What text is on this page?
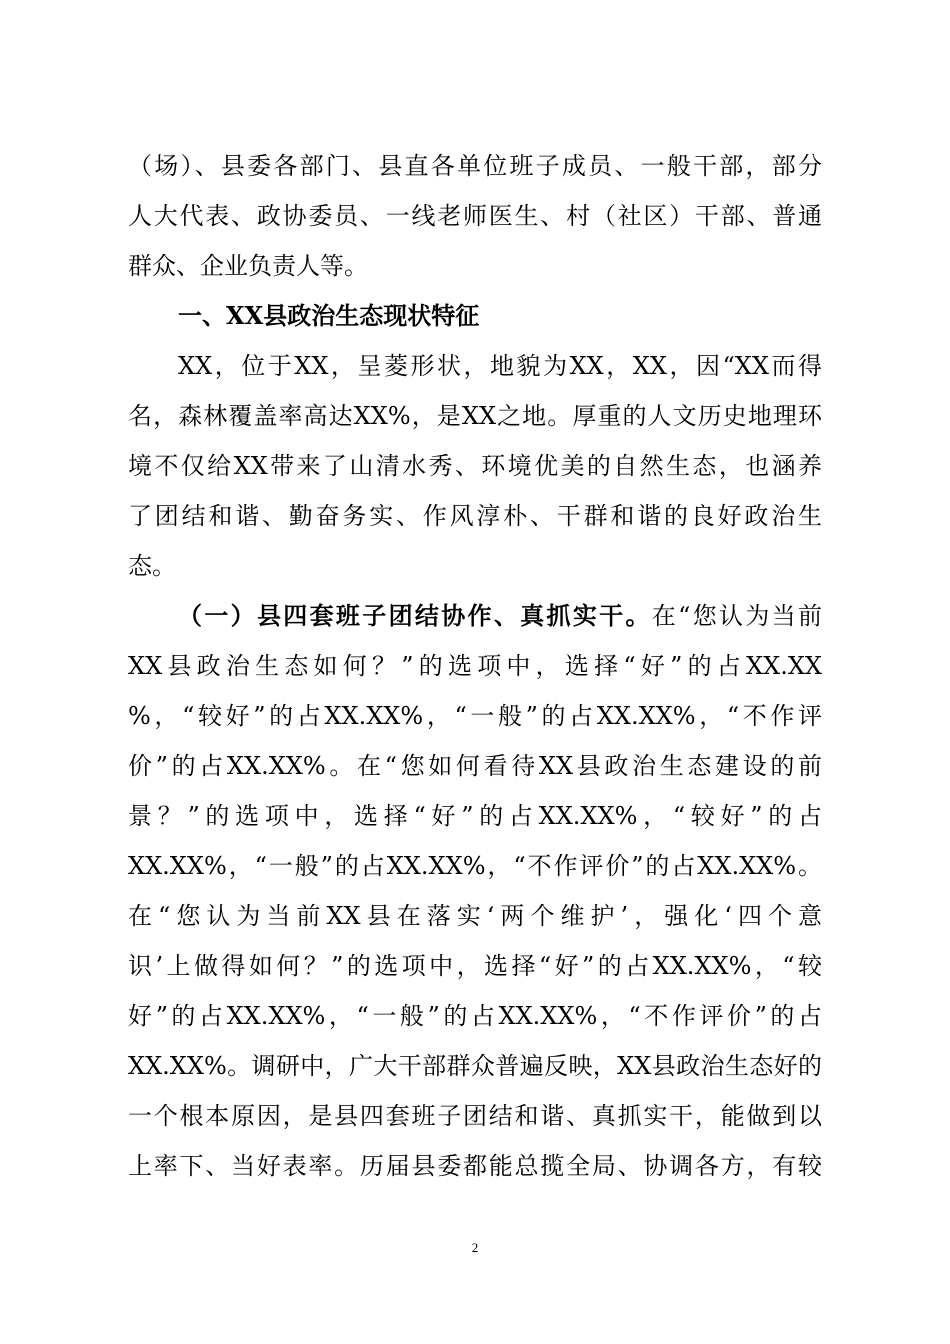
（场）、县委各部门、县直各单位班子成员、一般干部，部分
人大代表、政协委员、一线老师医生、村（社区）干部、普通
群众、企业负责人等。
一、XX县政治生态现状特征
XX，位于XX，呈菱形状，地貌为XX，XX，因“XX而得
名，森林覆盖率高达XX%，是XX之地。厚重的人文历史地理环
境不仅给XX带来了山清水秀、环境优美的自然生态，也涵养
了团结和谐、勤奋务实、作风淳朴、干群和谐的良好政治生
态。
（一）县四套班子团结协作、真抓实干。在“您认为当前
XX县政治生态如何？”的选项中，选择“好”的占XX.XX
%，“较好”的占XX.XX%，“一般”的占XX.XX%，“不作评
价”的占XX.XX%。在“您如何看待XX县政治生态建设的前
景？”的选项中，选择“好”的占XX.XX%，“较好”的占
XX.XX%，“一般”的占XX.XX%，“不作评价”的占XX.XX%。
在“您认为当前XX县在落实‘两个维护’，强化‘四个意
识’上做得如何？”的选项中，选择“好”的占XX.XX%，“较
好”的占XX.XX%，“一般”的占XX.XX%，“不作评价”的占
XX.XX%。调研中，广大干部群众普遍反映，XX县政治生态好的
一个根本原因，是县四套班子团结和谐、真抓实干，能做到以
上率下、当好表率。历届县委都能总揽全局、协调各方，有较
2
